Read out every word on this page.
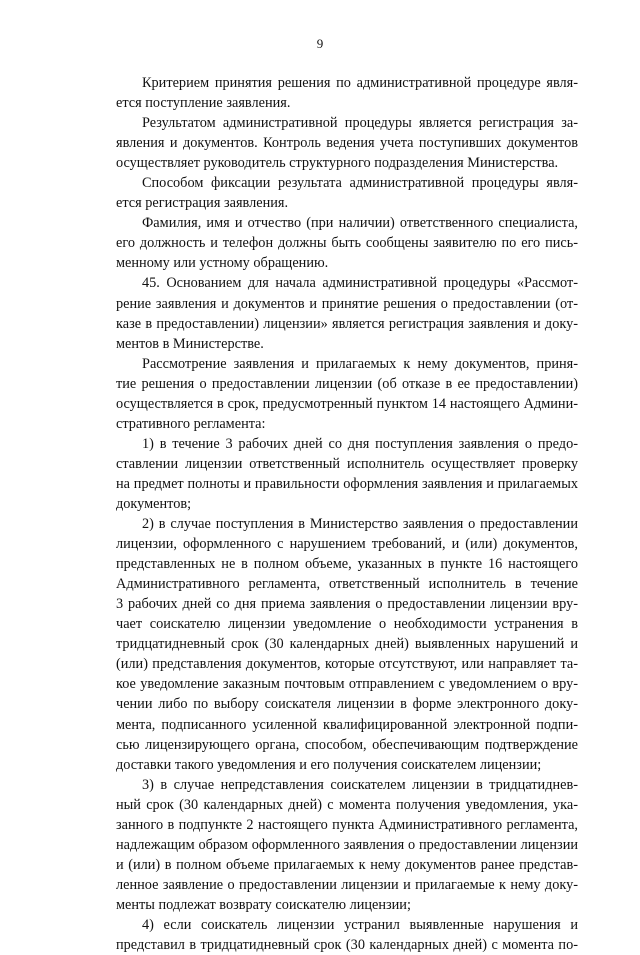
9
Критерием принятия решения по административной процедуре явля-
ется поступление заявления.
Результатом административной процедуры является регистрация за-
явления и документов. Контроль ведения учета поступивших документов
осуществляет руководитель структурного подразделения Министерства.
Способом фиксации результата административной процедуры явля-
ется регистрация заявления.
Фамилия, имя и отчество (при наличии) ответственного специалиста,
его должность и телефон должны быть сообщены заявителю по его пись-
менному или устному обращению.
45. Основанием для начала административной процедуры «Рассмот-
рение заявления и документов и принятие решения о предоставлении (от-
казе в предоставлении) лицензии» является регистрация заявления и доку-
ментов в Министерстве.
Рассмотрение заявления и прилагаемых к нему документов, приня-
тие решения о предоставлении лицензии (об отказе в ее предоставлении)
осуществляется в срок, предусмотренный пунктом 14 настоящего Админи-
стративного регламента:
1) в течение 3 рабочих дней со дня поступления заявления о предо-
ставлении лицензии ответственный исполнитель осуществляет проверку
на предмет полноты и правильности оформления заявления и прилагаемых
документов;
2) в случае поступления в Министерство заявления о предоставлении
лицензии, оформленного с нарушением требований, и (или) документов,
представленных не в полном объеме, указанных в пункте 16 настоящего
Административного регламента, ответственный исполнитель в течение
3 рабочих дней со дня приема заявления о предоставлении лицензии вру-
чает соискателю лицензии уведомление о необходимости устранения в
тридцатидневный срок (30 календарных дней) выявленных нарушений и
(или) представления документов, которые отсутствуют, или направляет та-
кое уведомление заказным почтовым отправлением с уведомлением о вру-
чении либо по выбору соискателя лицензии в форме электронного доку-
мента, подписанного усиленной квалифицированной электронной подпи-
сью лицензирующего органа, способом, обеспечивающим подтверждение
доставки такого уведомления и его получения соискателем лицензии;
3) в случае непредставления соискателем лицензии в тридцатиднев-
ный срок (30 календарных дней) с момента получения уведомления, ука-
занного в подпункте 2 настоящего пункта Административного регламента,
надлежащим образом оформленного заявления о предоставлении лицензии
и (или) в полном объеме прилагаемых к нему документов ранее представ-
ленное заявление о предоставлении лицензии и прилагаемые к нему доку-
менты подлежат возврату соискателю лицензии;
4) если соискатель лицензии устранил выявленные нарушения и
представил в тридцатидневный срок (30 календарных дней) с момента по-
